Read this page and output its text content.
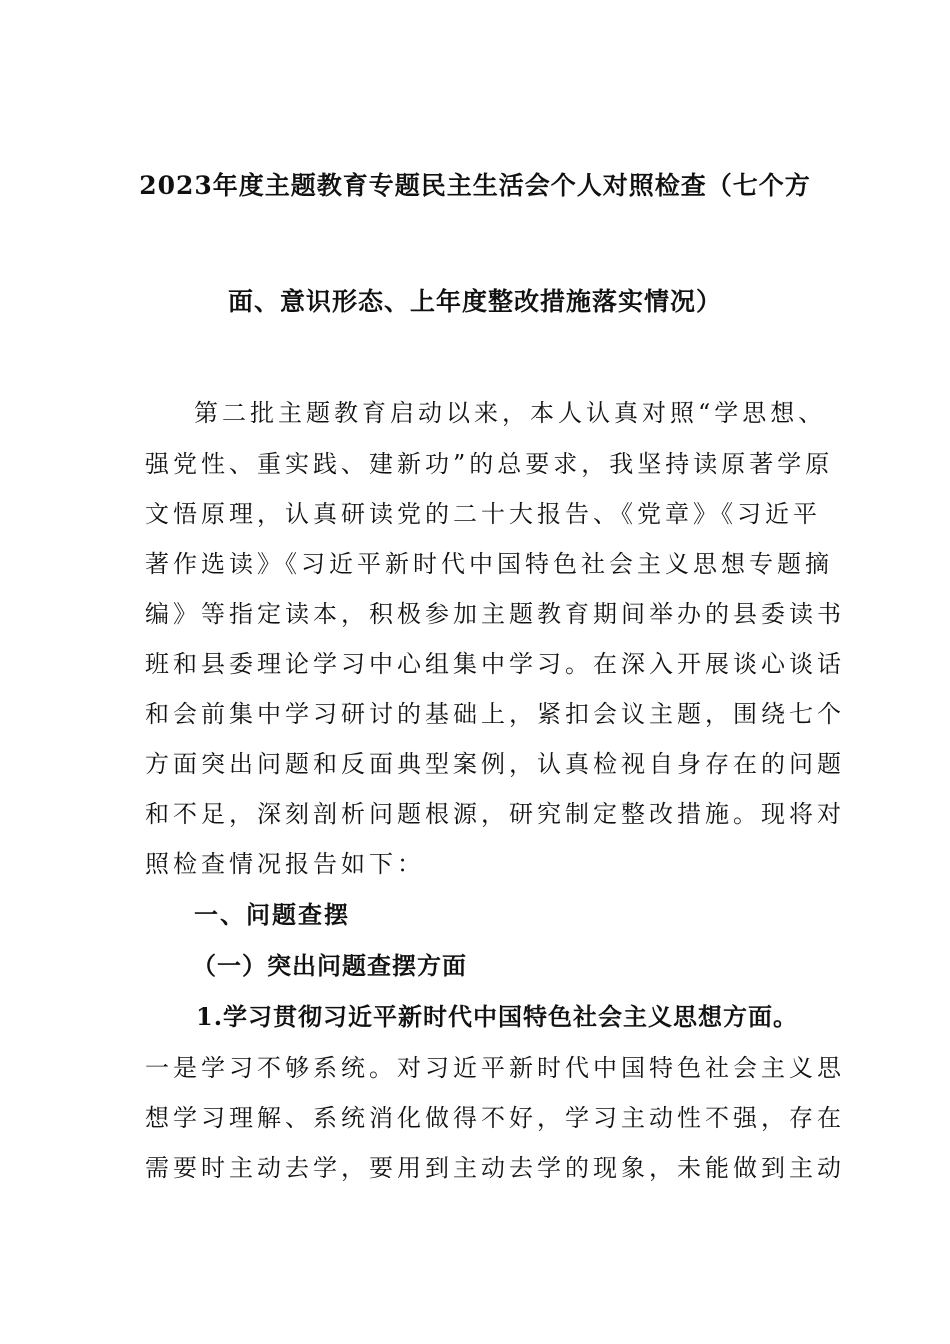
2023年度主题教育专题民主生活会个人对照检查（七个方
面、意识形态、上年度整改措施落实情况）
第二批主题教育启动以来，本人认真对照“学思想、
强党性、重实践、建新功”的总要求，我坚持读原著学原
文悟原理，认真研读党的二十大报告、《党章》《习近平
著作选读》《习近平新时代中国特色社会主义思想专题摘
编》等指定读本，积极参加主题教育期间举办的县委读书
班和县委理论学习中心组集中学习。在深入开展谈心谈话
和会前集中学习研讨的基础上，紧扣会议主题，围绕七个
方面突出问题和反面典型案例，认真检视自身存在的问题
和不足，深刻剖析问题根源，研究制定整改措施。现将对
照检查情况报告如下：
一、问题查摆
（一）突出问题查摆方面
1.学习贯彻习近平新时代中国特色社会主义思想方面。
一是学习不够系统。对习近平新时代中国特色社会主义思
想学习理解、系统消化做得不好，学习主动性不强，存在
需要时主动去学，要用到主动去学的现象，未能做到主动
